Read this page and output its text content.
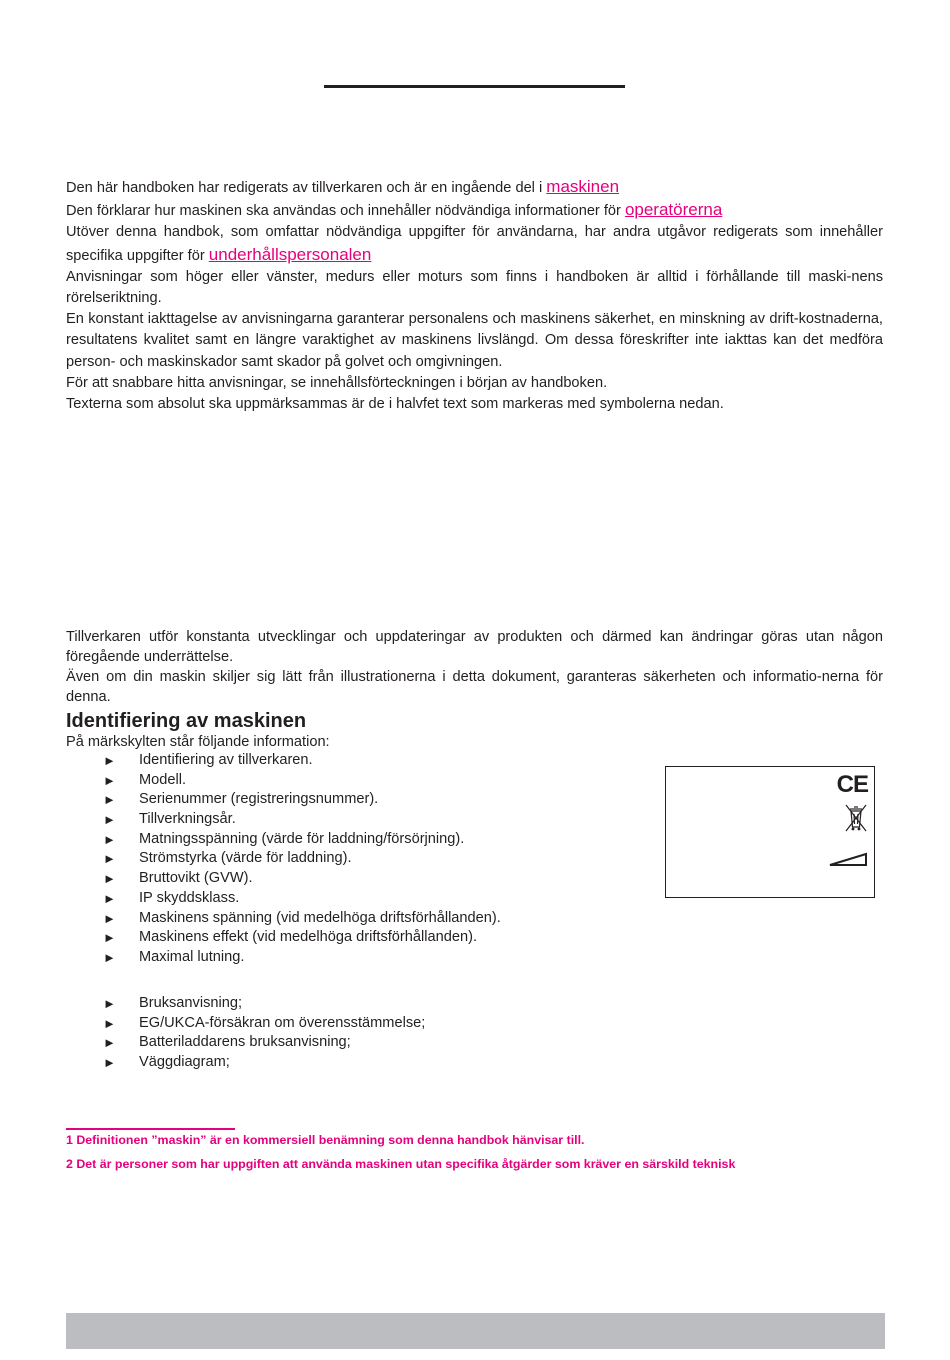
Den här handboken har redigerats av tillverkaren och är en ingående del i maskinen

Den förklarar hur maskinen ska användas och innehåller nödvändiga informationer för operatörerna

Utöver denna handbok, som omfattar nödvändiga uppgifter för användarna, har andra utgåvor redigerats som innehåller specifika uppgifter för underhållspersonalen

Anvisningar som höger eller vänster, medurs eller moturs som finns i handboken är alltid i förhållande till maski-nens rörelseriktning.

En konstant iakttagelse av anvisningarna garanterar personalens och maskinens säkerhet, en minskning av drift-kostnaderna, resultatens kvalitet samt en längre varaktighet av maskinens livslängd. Om dessa föreskrifter inte iakttas kan det medföra person- och maskinskador samt skador på golvet och omgivningen.

För att snabbare hitta anvisningar, se innehållsförteckningen i början av handboken.

Texterna som absolut ska uppmärksammas är de i halvfet text som markeras med symbolerna nedan.

Tillverkaren utför konstanta utvecklingar och uppdateringar av produkten och därmed kan ändringar göras utan någon föregående underrättelse.

Även om din maskin skiljer sig lätt från illustrationerna i detta dokument, garanteras säkerheten och informatio-nerna för denna.

Identifiering av maskinen

På märkskylten står följande information:

► Identifiering av tillverkaren.
► Modell.
► Serienummer (registreringsnummer).
► Tillverkningsår.
► Matningsspänning (värde för laddning/försörjning).
► Strömstyrka (värde för laddning).
► Bruttovikt (GVW).
► IP skyddsklass.
► Maskinens spänning (vid medelhöga driftsförhållanden).
► Maskinens effekt (vid medelhöga driftsförhållanden).
► Maximal lutning.
► Bruksanvisning;
► EG/UKCA-försäkran om överensstämmelse;
► Batteriladdarens bruksanvisning;
► Väggdiagram;
CE

1 Definitionen ”maskin” är en kommersiell benämning som denna handbok hänvisar till.

2 Det är personer som har uppgiften att använda maskinen utan specifika åtgärder som kräver en särskild teknisk
